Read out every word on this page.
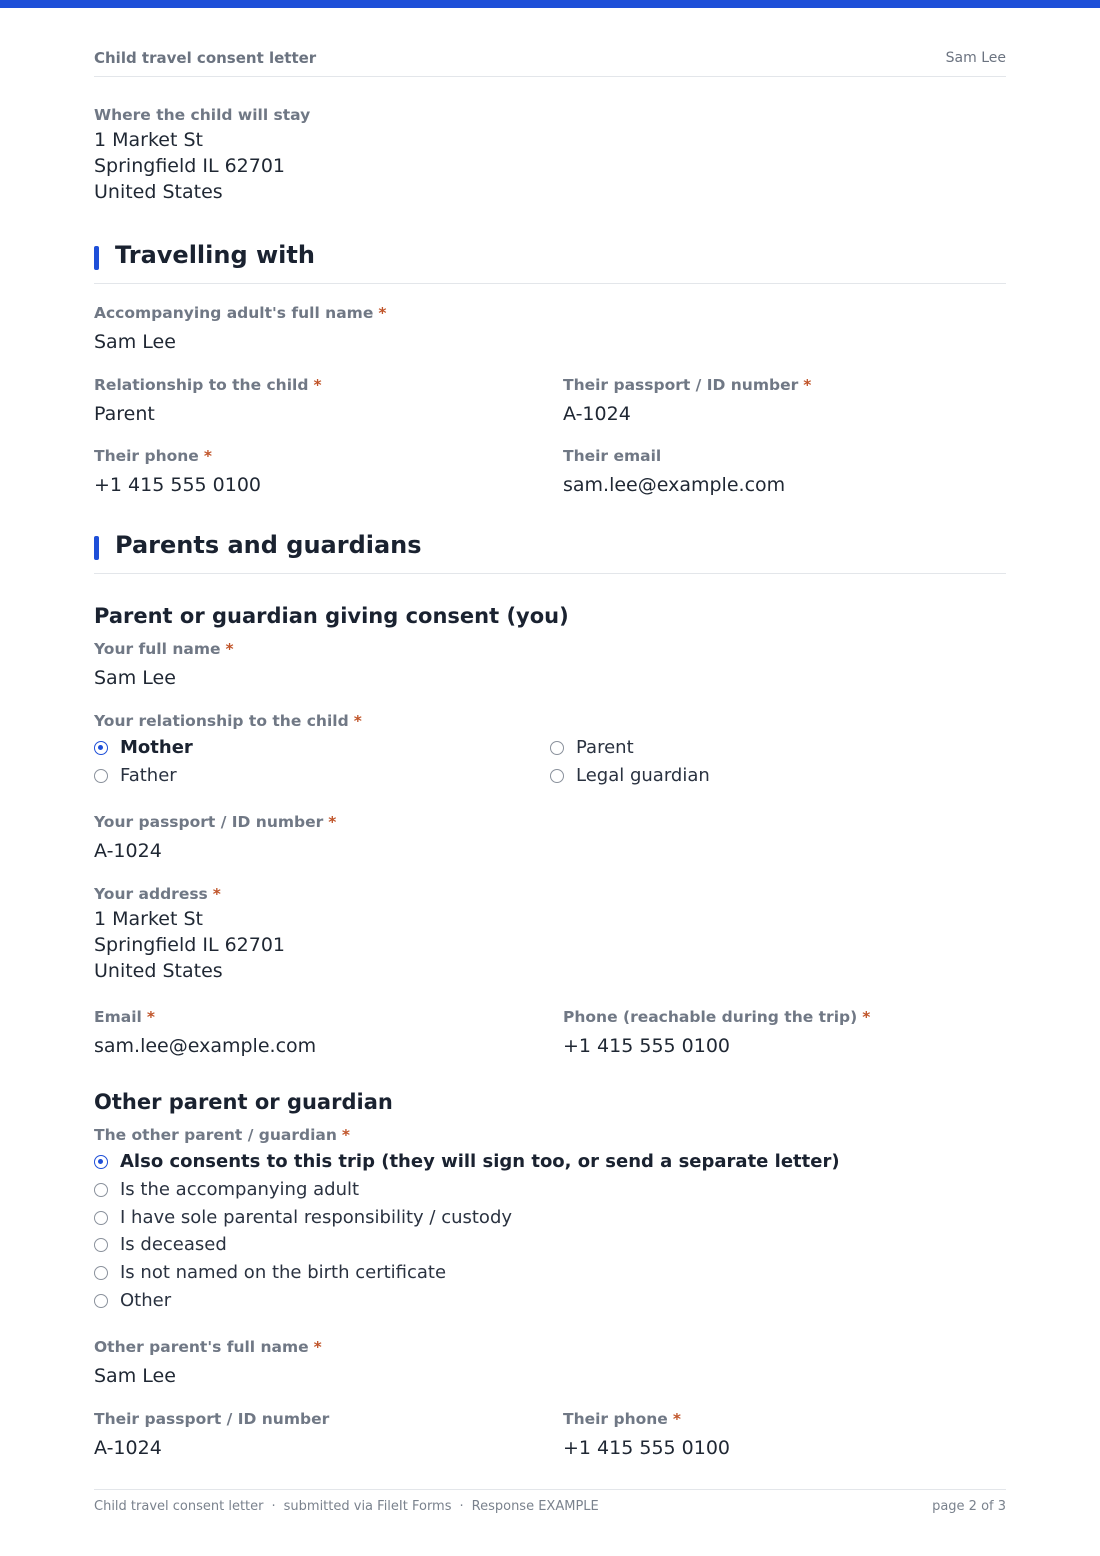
Child travel consent letter	Sam Lee
Where the child will stay
1 Market St
Springfield IL 62701
United States
Travelling with
Accompanying adult's full name *
Sam Lee
Relationship to the child *
Parent
Their passport / ID number *
A-1024
Their phone *
+1 415 555 0100
Their email
sam.lee@example.com
Parents and guardians
Parent or guardian giving consent (you)
Your full name *
Sam Lee
Your relationship to the child *
Mother	Parent
Father	Legal guardian
Your passport / ID number *
A-1024
Your address *
1 Market St
Springfield IL 62701
United States
Email *
sam.lee@example.com
Phone (reachable during the trip) *
+1 415 555 0100
Other parent or guardian
The other parent / guardian *
Also consents to this trip (they will sign too, or send a separate letter)
Is the accompanying adult
I have sole parental responsibility / custody
Is deceased
Is not named on the birth certificate
Other
Other parent's full name *
Sam Lee
Their passport / ID number
A-1024
Their phone *
+1 415 555 0100
Child travel consent letter · submitted via FileIt Forms · Response EXAMPLE	page 2 of 3
